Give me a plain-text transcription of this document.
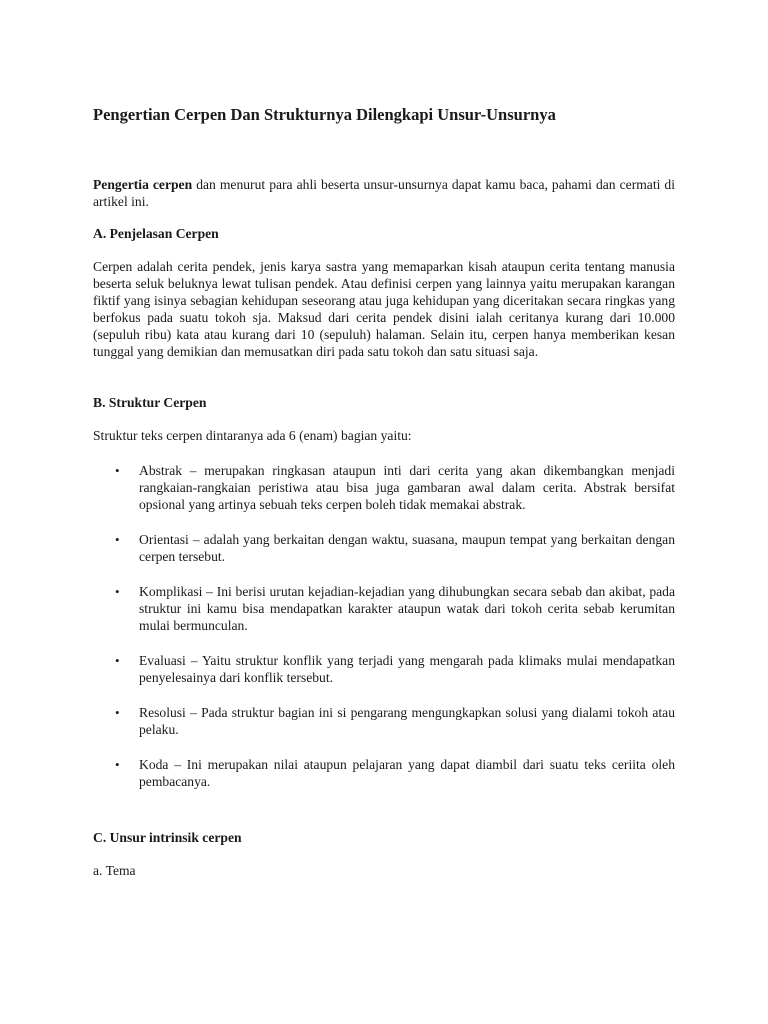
Pengertian Cerpen Dan Strukturnya Dilengkapi Unsur-Unsurnya

Pengertia cerpen dan menurut para ahli beserta unsur-unsurnya dapat kamu baca, pahami dan cermati di artikel ini.

A. Penjelasan Cerpen

Cerpen adalah cerita pendek, jenis karya sastra yang memaparkan kisah ataupun cerita tentang manusia beserta seluk beluknya lewat tulisan pendek. Atau definisi cerpen yang lainnya yaitu merupakan karangan fiktif yang isinya sebagian kehidupan seseorang atau juga kehidupan yang diceritakan secara ringkas yang berfokus pada suatu tokoh sja. Maksud dari cerita pendek disini ialah ceritanya kurang dari 10.000 (sepuluh ribu) kata atau kurang dari 10 (sepuluh) halaman. Selain itu, cerpen hanya memberikan kesan tunggal yang demikian dan memusatkan diri pada satu tokoh dan satu situasi saja.

B. Struktur Cerpen

Struktur teks cerpen dintaranya ada 6 (enam) bagian yaitu:

• Abstrak – merupakan ringkasan ataupun inti dari cerita yang akan dikembangkan menjadi rangkaian-rangkaian peristiwa atau bisa juga gambaran awal dalam cerita. Abstrak bersifat opsional yang artinya sebuah teks cerpen boleh tidak memakai abstrak.

• Orientasi – adalah yang berkaitan dengan waktu, suasana, maupun tempat yang berkaitan dengan cerpen tersebut.

• Komplikasi – Ini berisi urutan kejadian-kejadian yang dihubungkan secara sebab dan akibat, pada struktur ini kamu bisa mendapatkan karakter ataupun watak dari tokoh cerita sebab kerumitan mulai bermunculan.

• Evaluasi – Yaitu struktur konflik yang terjadi yang mengarah pada klimaks mulai mendapatkan penyelesainya dari konflik tersebut.

• Resolusi – Pada struktur bagian ini si pengarang mengungkapkan solusi yang dialami tokoh atau pelaku.

• Koda – Ini merupakan nilai ataupun pelajaran yang dapat diambil dari suatu teks ceriita oleh pembacanya.

C. Unsur intrinsik cerpen

a. Tema
